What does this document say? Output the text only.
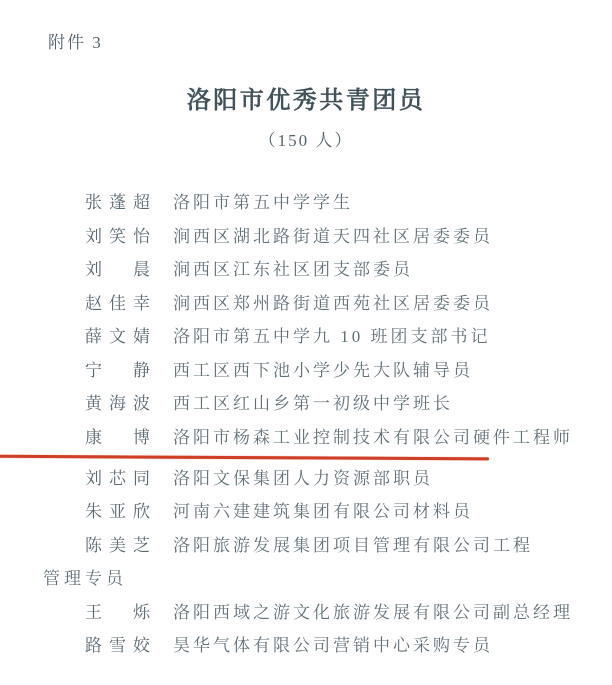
附件 3
洛阳市优秀共青团员
（150 人）
张蓬超 洛阳市第五中学学生
刘笑怡 涧西区湖北路街道天四社区居委委员
刘　晨 涧西区江东社区团支部委员
赵佳幸 涧西区郑州路街道西苑社区居委委员
薛文婧 洛阳市第五中学九 10 班团支部书记
宁　静 西工区西下池小学少先大队辅导员
黄海波 西工区红山乡第一初级中学班长
康　博 洛阳市杨森工业控制技术有限公司硬件工程师
刘芯同 洛阳文保集团人力资源部职员
朱亚欣 河南六建建筑集团有限公司材料员
陈美芝 洛阳旅游发展集团项目管理有限公司工程
管理专员
王　烁 洛阳西域之游文化旅游发展有限公司副总经理
路雪姣 昊华气体有限公司营销中心采购专员
